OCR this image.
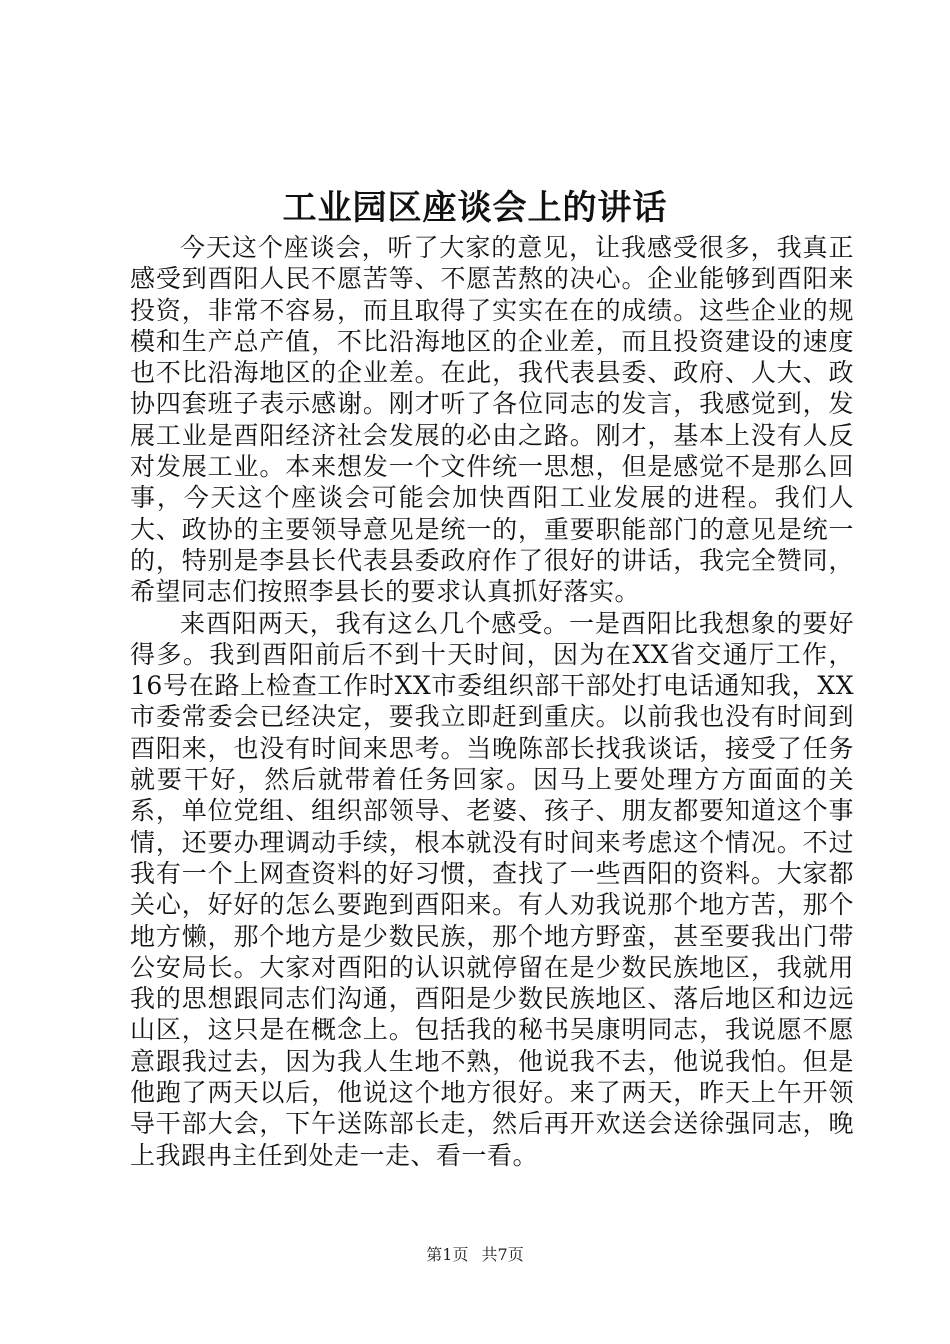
工业园区座谈会上的讲话

今天这个座谈会，听了大家的意见，让我感受很多，我真正感受到酉阳人民不愿苦等、不愿苦熬的决心。企业能够到酉阳来投资，非常不容易，而且取得了实实在在的成绩。这些企业的规模和生产总产值，不比沿海地区的企业差，而且投资建设的速度也不比沿海地区的企业差。在此，我代表县委、政府、人大、政协四套班子表示感谢。刚才听了各位同志的发言，我感觉到，发展工业是酉阳经济社会发展的必由之路。刚才，基本上没有人反对发展工业。本来想发一个文件统一思想，但是感觉不是那么回事，今天这个座谈会可能会加快酉阳工业发展的进程。我们人大、政协的主要领导意见是统一的，重要职能部门的意见是统一的，特别是李县长代表县委政府作了很好的讲话，我完全赞同，希望同志们按照李县长的要求认真抓好落实。

来酉阳两天，我有这么几个感受。一是酉阳比我想象的要好得多。我到酉阳前后不到十天时间，因为在XX省交通厅工作，16号在路上检查工作时XX市委组织部干部处打电话通知我，XX市委常委会已经决定，要我立即赶到重庆。以前我也没有时间到酉阳来，也没有时间来思考。当晚陈部长找我谈话，接受了任务就要干好，然后就带着任务回家。因马上要处理方方面面的关系，单位党组、组织部领导、老婆、孩子、朋友都要知道这个事情，还要办理调动手续，根本就没有时间来考虑这个情况。不过我有一个上网查资料的好习惯，查找了一些酉阳的资料。大家都关心，好好的怎么要跑到酉阳来。有人劝我说那个地方苦，那个地方懒，那个地方是少数民族，那个地方野蛮，甚至要我出门带公安局长。大家对酉阳的认识就停留在是少数民族地区，我就用我的思想跟同志们沟通，酉阳是少数民族地区、落后地区和边远山区，这只是在概念上。包括我的秘书吴康明同志，我说愿不愿意跟我过去，因为我人生地不熟，他说我不去，他说我怕。但是他跑了两天以后，他说这个地方很好。来了两天，昨天上午开领导干部大会，下午送陈部长走，然后再开欢送会送徐强同志，晚上我跟冉主任到处走一走、看一看。

第1页 共7页
